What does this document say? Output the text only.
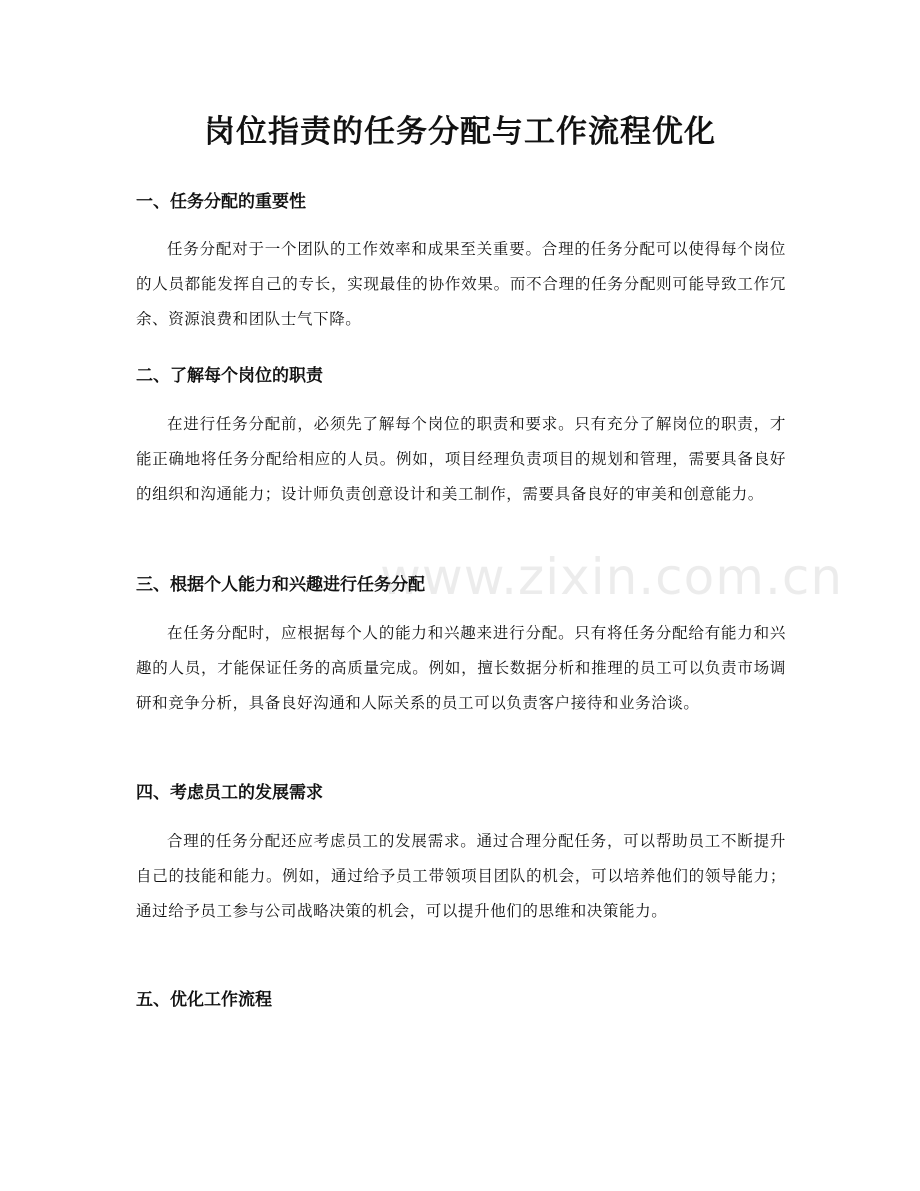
www.zixin.com.cn
岗位指责的任务分配与工作流程优化
一、任务分配的重要性
任务分配对于一个团队的工作效率和成果至关重要。合理的任务分配可以使得每个岗位的人员都能发挥自己的专长，实现最佳的协作效果。而不合理的任务分配则可能导致工作冗余、资源浪费和团队士气下降。
二、了解每个岗位的职责
在进行任务分配前，必须先了解每个岗位的职责和要求。只有充分了解岗位的职责，才能正确地将任务分配给相应的人员。例如，项目经理负责项目的规划和管理，需要具备良好的组织和沟通能力；设计师负责创意设计和美工制作，需要具备良好的审美和创意能力。
三、根据个人能力和兴趣进行任务分配
在任务分配时，应根据每个人的能力和兴趣来进行分配。只有将任务分配给有能力和兴趣的人员，才能保证任务的高质量完成。例如，擅长数据分析和推理的员工可以负责市场调研和竞争分析，具备良好沟通和人际关系的员工可以负责客户接待和业务洽谈。
四、考虑员工的发展需求
合理的任务分配还应考虑员工的发展需求。通过合理分配任务，可以帮助员工不断提升自己的技能和能力。例如，通过给予员工带领项目团队的机会，可以培养他们的领导能力；通过给予员工参与公司战略决策的机会，可以提升他们的思维和决策能力。
五、优化工作流程
